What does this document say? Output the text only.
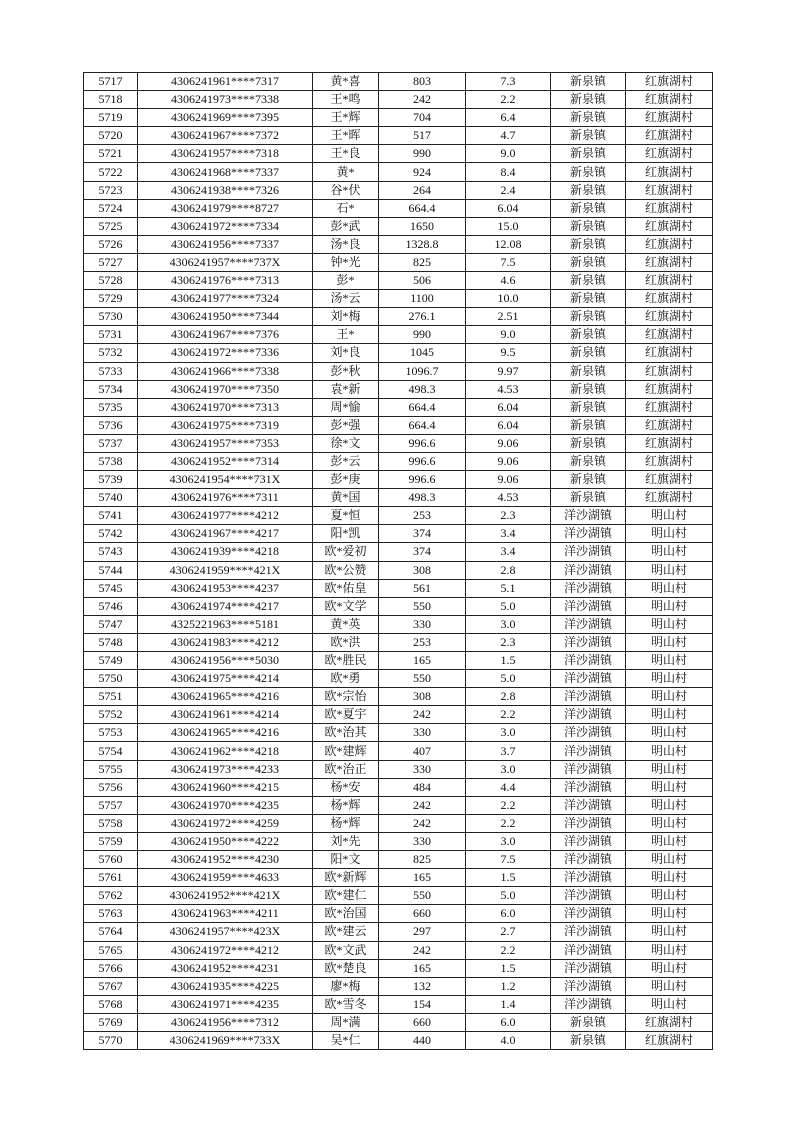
5717	4306241961****7317	黄*喜	803	7.3	新泉镇	红旗湖村
5718	4306241973****7338	王*鸣	242	2.2	新泉镇	红旗湖村
5719	4306241969****7395	王*辉	704	6.4	新泉镇	红旗湖村
5720	4306241967****7372	王*晖	517	4.7	新泉镇	红旗湖村
5721	4306241957****7318	王*良	990	9.0	新泉镇	红旗湖村
5722	4306241968****7337	黄*	924	8.4	新泉镇	红旗湖村
5723	4306241938****7326	谷*伏	264	2.4	新泉镇	红旗湖村
5724	4306241979****8727	石*	664.4	6.04	新泉镇	红旗湖村
5725	4306241972****7334	彭*武	1650	15.0	新泉镇	红旗湖村
5726	4306241956****7337	汤*良	1328.8	12.08	新泉镇	红旗湖村
5727	4306241957****737X	钟*光	825	7.5	新泉镇	红旗湖村
5728	4306241976****7313	彭*	506	4.6	新泉镇	红旗湖村
5729	4306241977****7324	汤*云	1100	10.0	新泉镇	红旗湖村
5730	4306241950****7344	刘*梅	276.1	2.51	新泉镇	红旗湖村
5731	4306241967****7376	王*	990	9.0	新泉镇	红旗湖村
5732	4306241972****7336	刘*良	1045	9.5	新泉镇	红旗湖村
5733	4306241966****7338	彭*秋	1096.7	9.97	新泉镇	红旗湖村
5734	4306241970****7350	袁*新	498.3	4.53	新泉镇	红旗湖村
5735	4306241970****7313	周*愉	664.4	6.04	新泉镇	红旗湖村
5736	4306241975****7319	彭*强	664.4	6.04	新泉镇	红旗湖村
5737	4306241957****7353	徐*文	996.6	9.06	新泉镇	红旗湖村
5738	4306241952****7314	彭*云	996.6	9.06	新泉镇	红旗湖村
5739	4306241954****731X	彭*庚	996.6	9.06	新泉镇	红旗湖村
5740	4306241976****7311	黄*国	498.3	4.53	新泉镇	红旗湖村
5741	4306241977****4212	夏*恒	253	2.3	洋沙湖镇	明山村
5742	4306241967****4217	阳*凯	374	3.4	洋沙湖镇	明山村
5743	4306241939****4218	欧*爱初	374	3.4	洋沙湖镇	明山村
5744	4306241959****421X	欧*公赞	308	2.8	洋沙湖镇	明山村
5745	4306241953****4237	欧*佑皇	561	5.1	洋沙湖镇	明山村
5746	4306241974****4217	欧*文学	550	5.0	洋沙湖镇	明山村
5747	4325221963****5181	黄*英	330	3.0	洋沙湖镇	明山村
5748	4306241983****4212	欧*洪	253	2.3	洋沙湖镇	明山村
5749	4306241956****5030	欧*胜民	165	1.5	洋沙湖镇	明山村
5750	4306241975****4214	欧*勇	550	5.0	洋沙湖镇	明山村
5751	4306241965****4216	欧*宗怡	308	2.8	洋沙湖镇	明山村
5752	4306241961****4214	欧*夏宇	242	2.2	洋沙湖镇	明山村
5753	4306241965****4216	欧*治其	330	3.0	洋沙湖镇	明山村
5754	4306241962****4218	欧*建辉	407	3.7	洋沙湖镇	明山村
5755	4306241973****4233	欧*治正	330	3.0	洋沙湖镇	明山村
5756	4306241960****4215	杨*安	484	4.4	洋沙湖镇	明山村
5757	4306241970****4235	杨*辉	242	2.2	洋沙湖镇	明山村
5758	4306241972****4259	杨*辉	242	2.2	洋沙湖镇	明山村
5759	4306241950****4222	刘*先	330	3.0	洋沙湖镇	明山村
5760	4306241952****4230	阳*文	825	7.5	洋沙湖镇	明山村
5761	4306241959****4633	欧*新辉	165	1.5	洋沙湖镇	明山村
5762	4306241952****421X	欧*建仁	550	5.0	洋沙湖镇	明山村
5763	4306241963****4211	欧*治国	660	6.0	洋沙湖镇	明山村
5764	4306241957****423X	欧*建云	297	2.7	洋沙湖镇	明山村
5765	4306241972****4212	欧*文武	242	2.2	洋沙湖镇	明山村
5766	4306241952****4231	欧*楚良	165	1.5	洋沙湖镇	明山村
5767	4306241935****4225	廖*梅	132	1.2	洋沙湖镇	明山村
5768	4306241971****4235	欧*雪冬	154	1.4	洋沙湖镇	明山村
5769	4306241956****7312	周*满	660	6.0	新泉镇	红旗湖村
5770	4306241969****733X	吴*仁	440	4.0	新泉镇	红旗湖村
